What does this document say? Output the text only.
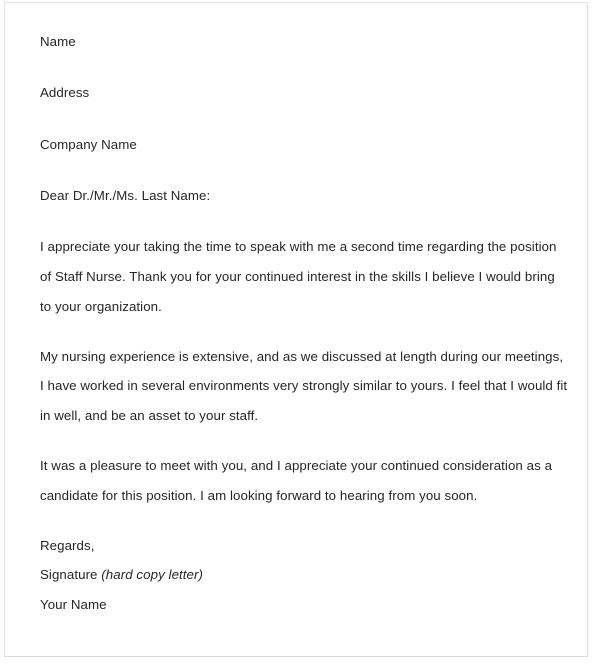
Name
Address
Company Name
Dear Dr./Mr./Ms. Last Name:

I appreciate your taking the time to speak with me a second time regarding the position of Staff Nurse. Thank you for your continued interest in the skills I believe I would bring to your organization.

My nursing experience is extensive, and as we discussed at length during our meetings, I have worked in several environments very strongly similar to yours. I feel that I would fit in well, and be an asset to your staff.

It was a pleasure to meet with you, and I appreciate your continued consideration as a candidate for this position. I am looking forward to hearing from you soon.

Regards,
Signature (hard copy letter)
Your Name
